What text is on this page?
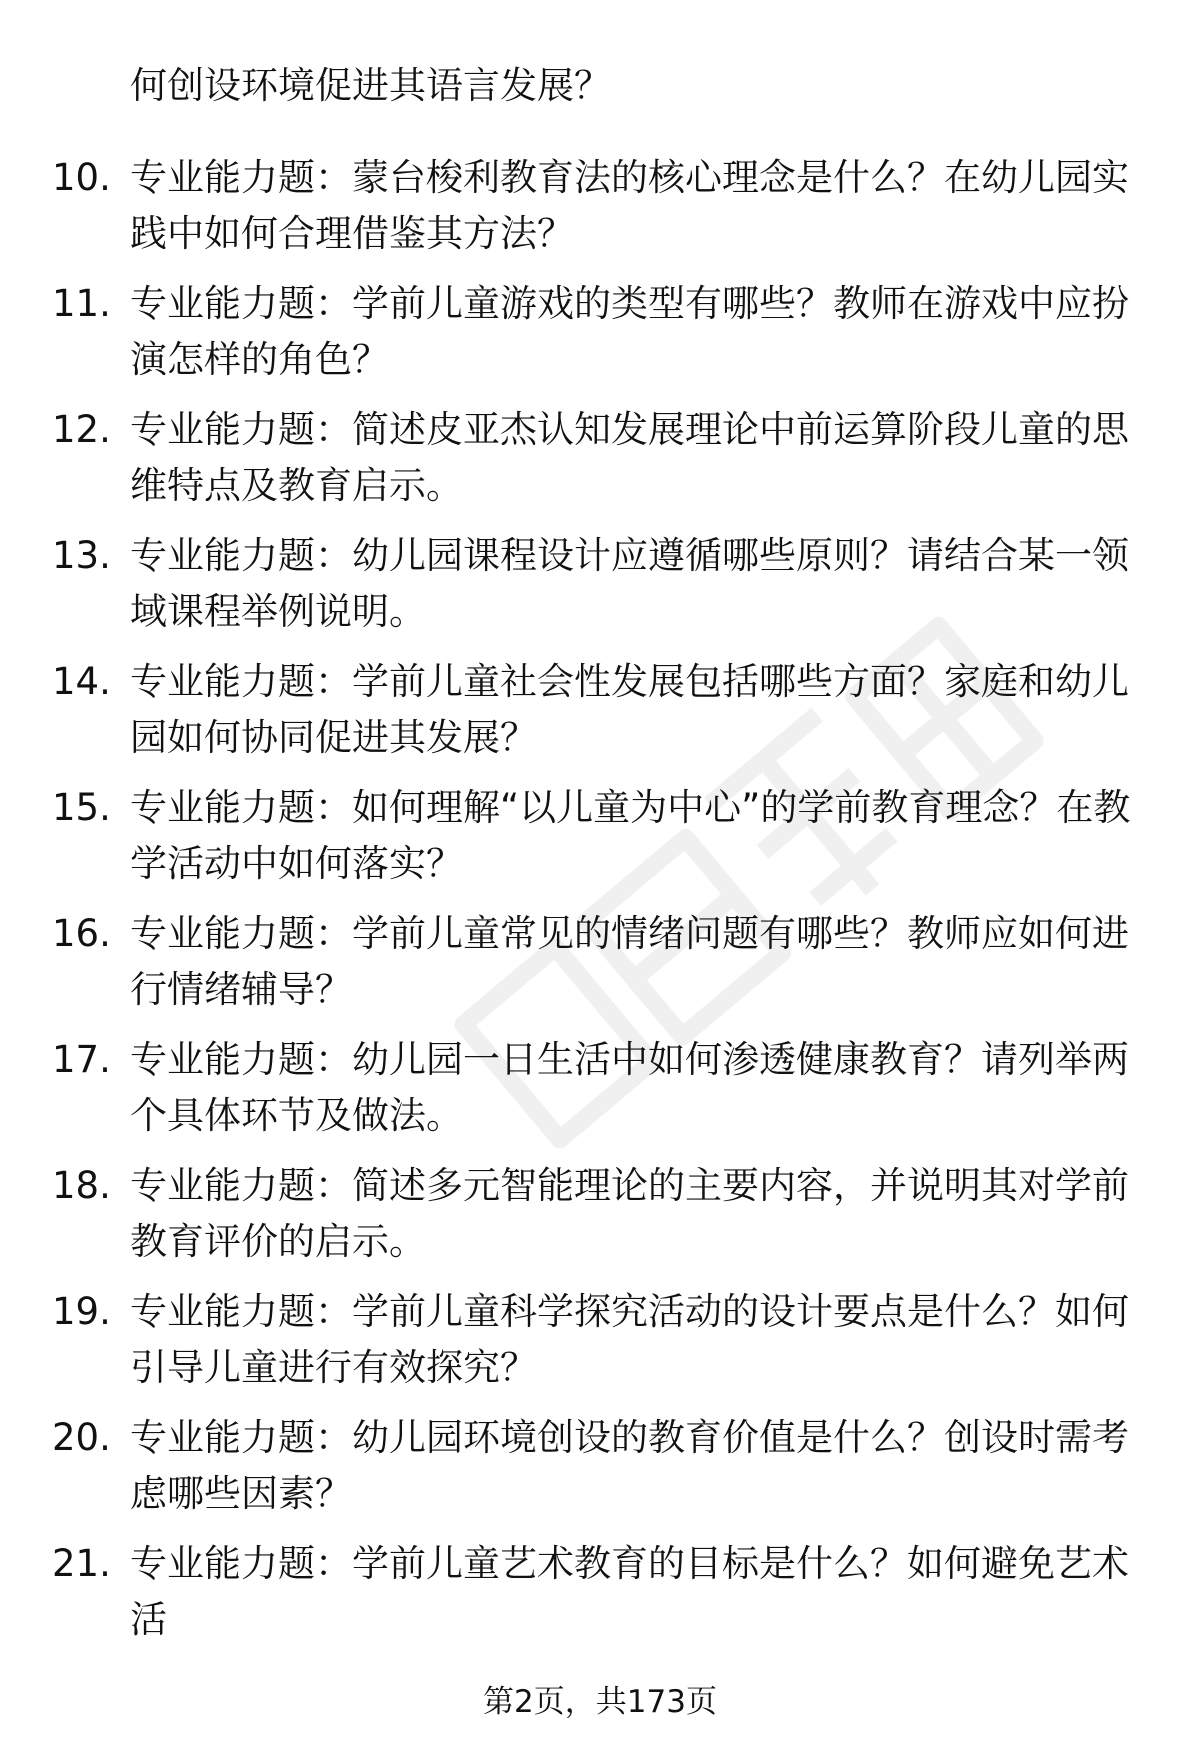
何创设环境促进其语言发展？

10. 专业能力题：蒙台梭利教育法的核心理念是什么？在幼儿园实践中如何合理借鉴其方法？

11. 专业能力题：学前儿童游戏的类型有哪些？教师在游戏中应扮演怎样的角色？

12. 专业能力题：简述皮亚杰认知发展理论中前运算阶段儿童的思维特点及教育启示。

13. 专业能力题：幼儿园课程设计应遵循哪些原则？请结合某一领域课程举例说明。

14. 专业能力题：学前儿童社会性发展包括哪些方面？家庭和幼儿园如何协同促进其发展？

15. 专业能力题：如何理解“以儿童为中心”的学前教育理念？在教学活动中如何落实？

16. 专业能力题：学前儿童常见的情绪问题有哪些？教师应如何进行情绪辅导？

17. 专业能力题：幼儿园一日生活中如何渗透健康教育？请列举两个具体环节及做法。

18. 专业能力题：简述多元智能理论的主要内容，并说明其对学前教育评价的启示。

19. 专业能力题：学前儿童科学探究活动的设计要点是什么？如何引导儿童进行有效探究？

20. 专业能力题：幼儿园环境创设的教育价值是什么？创设时需考虑哪些因素？

21. 专业能力题：学前儿童艺术教育的目标是什么？如何避免艺术活

第2页，共173页
